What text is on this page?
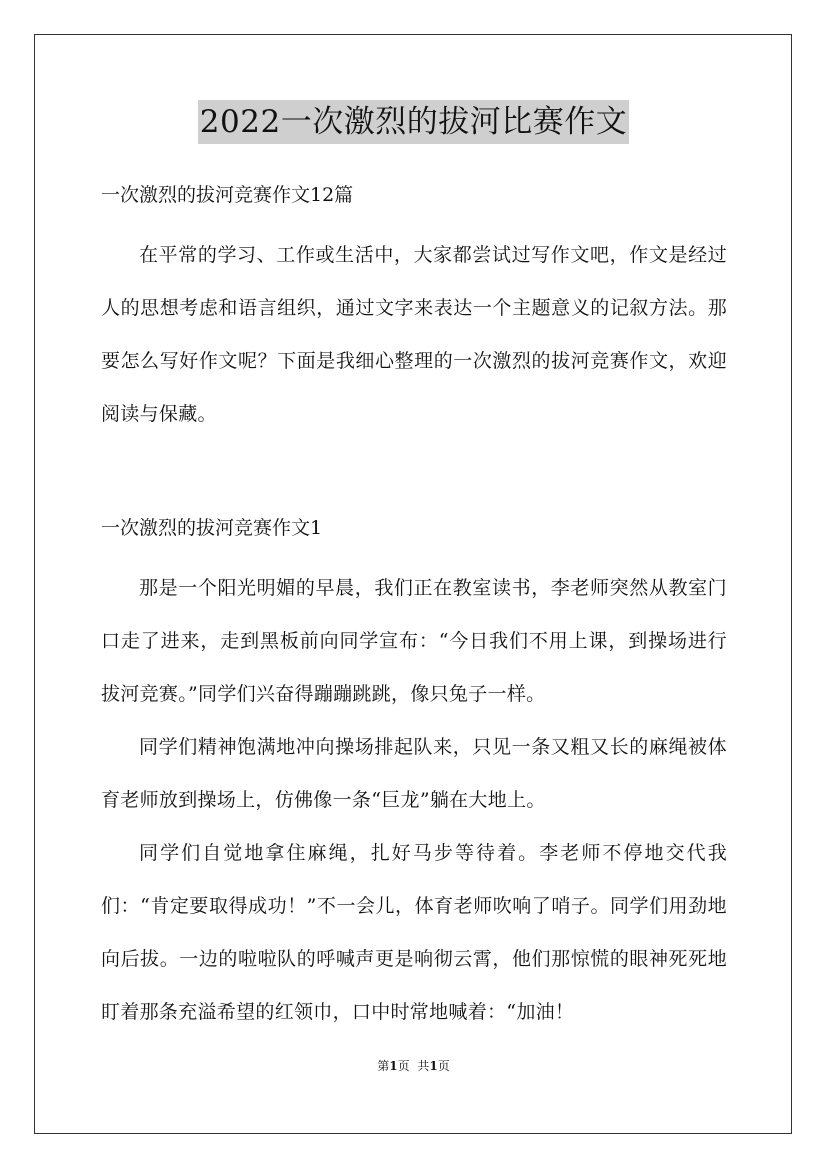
2022一次激烈的拔河比赛作文

一次激烈的拔河竞赛作文12篇

在平常的学习、工作或生活中，大家都尝试过写作文吧，作文是经过人的思想考虑和语言组织，通过文字来表达一个主题意义的记叙方法。那要怎么写好作文呢？下面是我细心整理的一次激烈的拔河竞赛作文，欢迎阅读与保藏。

一次激烈的拔河竞赛作文1

那是一个阳光明媚的早晨，我们正在教室读书，李老师突然从教室门口走了进来，走到黑板前向同学宣布：“今日我们不用上课，到操场进行拔河竞赛。”同学们兴奋得蹦蹦跳跳，像只兔子一样。

同学们精神饱满地冲向操场排起队来，只见一条又粗又长的麻绳被体育老师放到操场上，仿佛像一条“巨龙”躺在大地上。

同学们自觉地拿住麻绳，扎好马步等待着。李老师不停地交代我们：“肯定要取得成功！”不一会儿，体育老师吹响了哨子。同学们用劲地向后拔。一边的啦啦队的呼喊声更是响彻云霄，他们那惊慌的眼神死死地盯着那条充溢希望的红领巾，口中时常地喊着：“加油！

第1页 共1页
